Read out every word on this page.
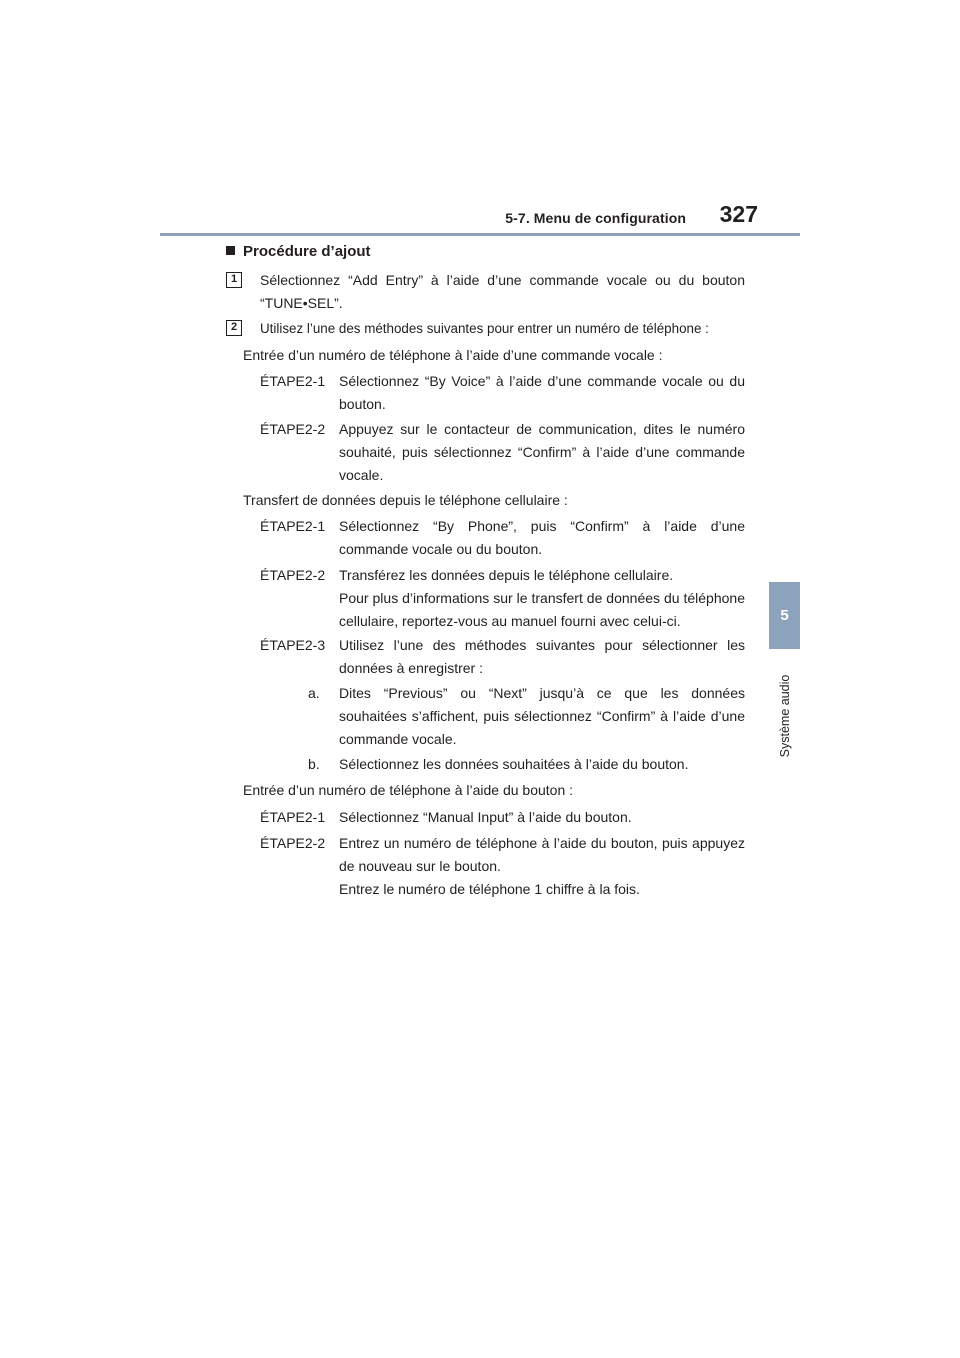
5-7. Menu de configuration 327
5
Système audio
Procédure d’ajout
1	Sélectionnez “Add Entry” à l’aide d’une commande vocale ou du bouton “TUNE•SEL”.
2	Utilisez l’une des méthodes suivantes pour entrer un numéro de téléphone :
Entrée d’un numéro de téléphone à l’aide d’une commande vocale :
ÉTAPE2-1 Sélectionnez “By Voice” à l’aide d’une commande vocale ou du bouton.
ÉTAPE2-2 Appuyez sur le contacteur de communication, dites le numéro souhaité, puis sélectionnez “Confirm” à l’aide d’une commande vocale.
Transfert de données depuis le téléphone cellulaire :
ÉTAPE2-1 Sélectionnez “By Phone”, puis “Confirm” à l’aide d’une commande vocale ou du bouton.
ÉTAPE2-2 Transférez les données depuis le téléphone cellulaire.
Pour plus d’informations sur le transfert de données du téléphone cellulaire, reportez-vous au manuel fourni avec celui-ci.
ÉTAPE2-3 Utilisez l’une des méthodes suivantes pour sélectionner les données à enregistrer :
a. Dites “Previous” ou “Next” jusqu’à ce que les données souhaitées s’affichent, puis sélectionnez “Confirm” à l’aide d’une commande vocale.
b. Sélectionnez les données souhaitées à l’aide du bouton.
Entrée d’un numéro de téléphone à l’aide du bouton :
ÉTAPE2-1 Sélectionnez “Manual Input” à l’aide du bouton.
ÉTAPE2-2 Entrez un numéro de téléphone à l’aide du bouton, puis appuyez de nouveau sur le bouton.
Entrez le numéro de téléphone 1 chiffre à la fois.
